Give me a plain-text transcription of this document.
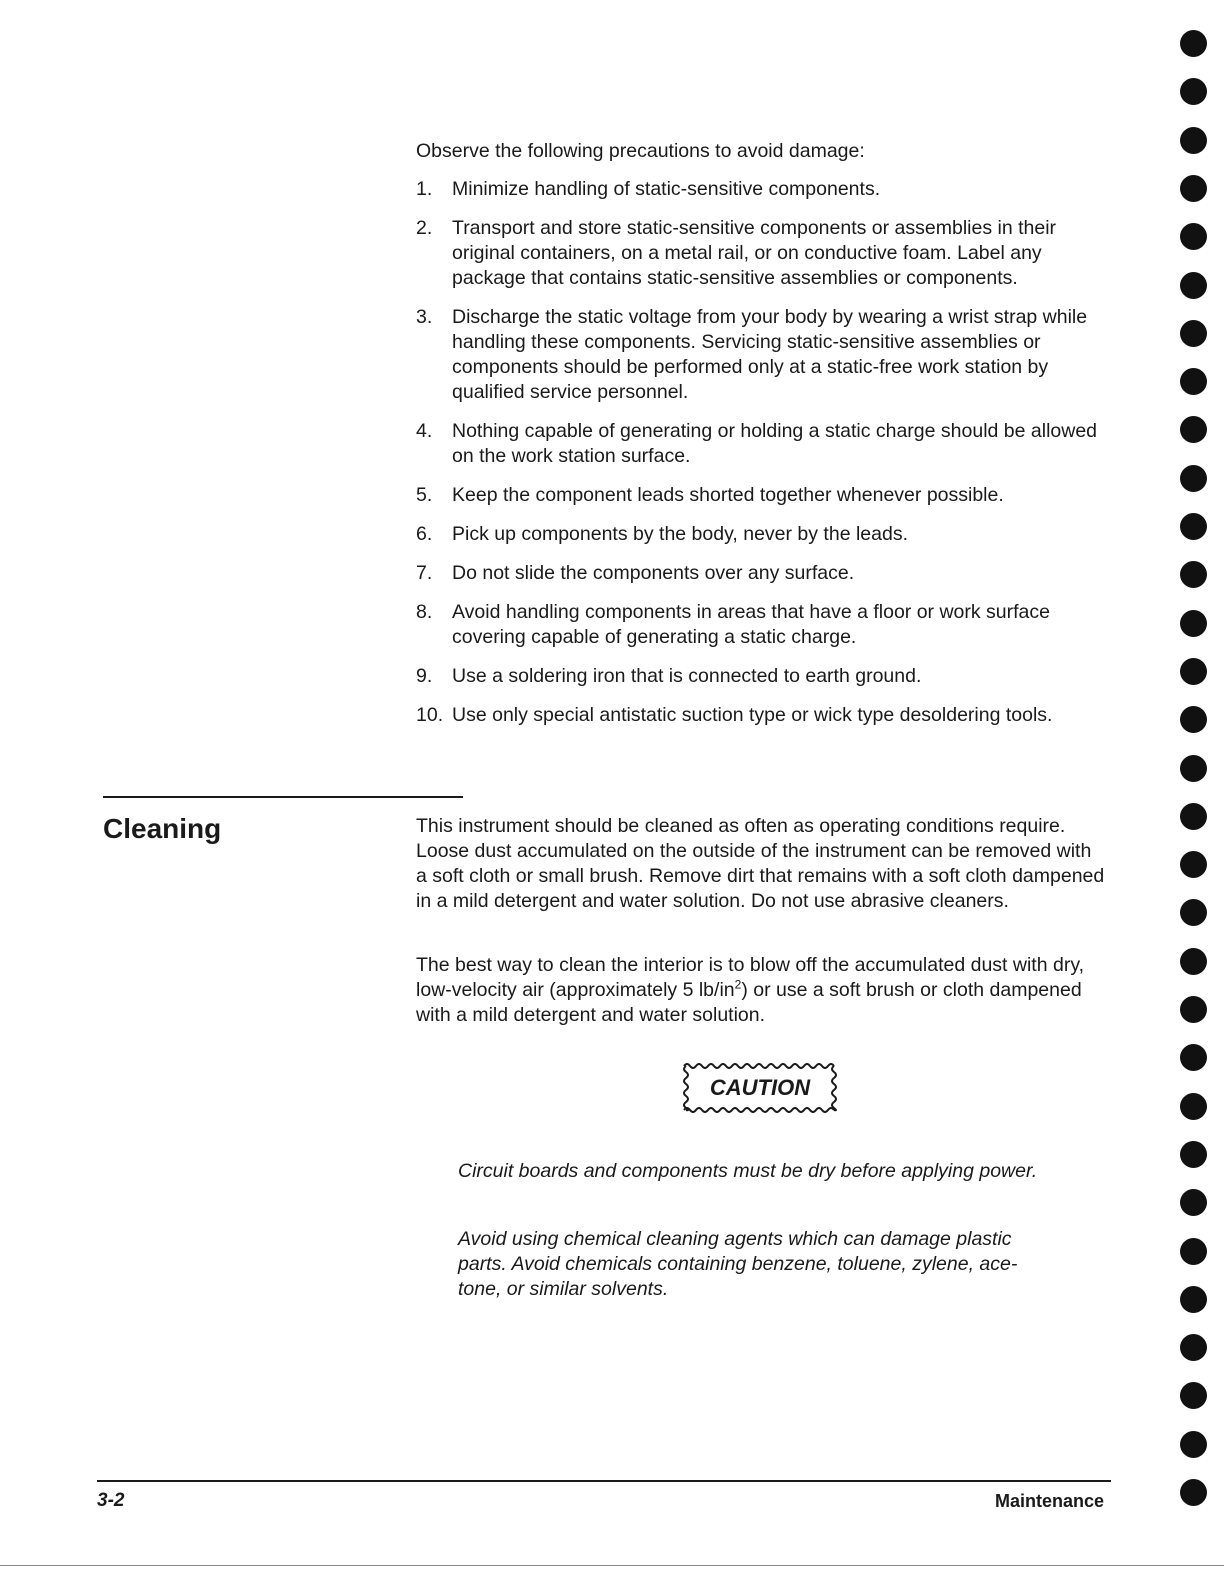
Observe the following precautions to avoid damage:
1. Minimize handling of static-sensitive components.
2. Transport and store static-sensitive components or assemblies in their original containers, on a metal rail, or on conductive foam. Label any package that contains static-sensitive assemblies or components.
3. Discharge the static voltage from your body by wearing a wrist strap while handling these components. Servicing static-sensitive assemblies or components should be performed only at a static-free work station by qualified service personnel.
4. Nothing capable of generating or holding a static charge should be allowed on the work station surface.
5. Keep the component leads shorted together whenever possible.
6. Pick up components by the body, never by the leads.
7. Do not slide the components over any surface.
8. Avoid handling components in areas that have a floor or work surface covering capable of generating a static charge.
9. Use a soldering iron that is connected to earth ground.
10. Use only special antistatic suction type or wick type desoldering tools.
Cleaning	This instrument should be cleaned as often as operating conditions require. Loose dust accumulated on the outside of the instrument can be removed with a soft cloth or small brush. Remove dirt that remains with a soft cloth dampened in a mild detergent and water solution. Do not use abrasive cleaners.

The best way to clean the interior is to blow off the accumulated dust with dry, low-velocity air (approximately 5 $lb/in^2$) or use a soft brush or cloth dampened with a mild detergent and water solution.

CAUTION

Circuit boards and components must be dry before applying power.

Avoid using chemical cleaning agents which can damage plastic parts. Avoid chemicals containing benzene, toluene, zylene, ace-tone, or similar solvents.

3-2	Maintenance
